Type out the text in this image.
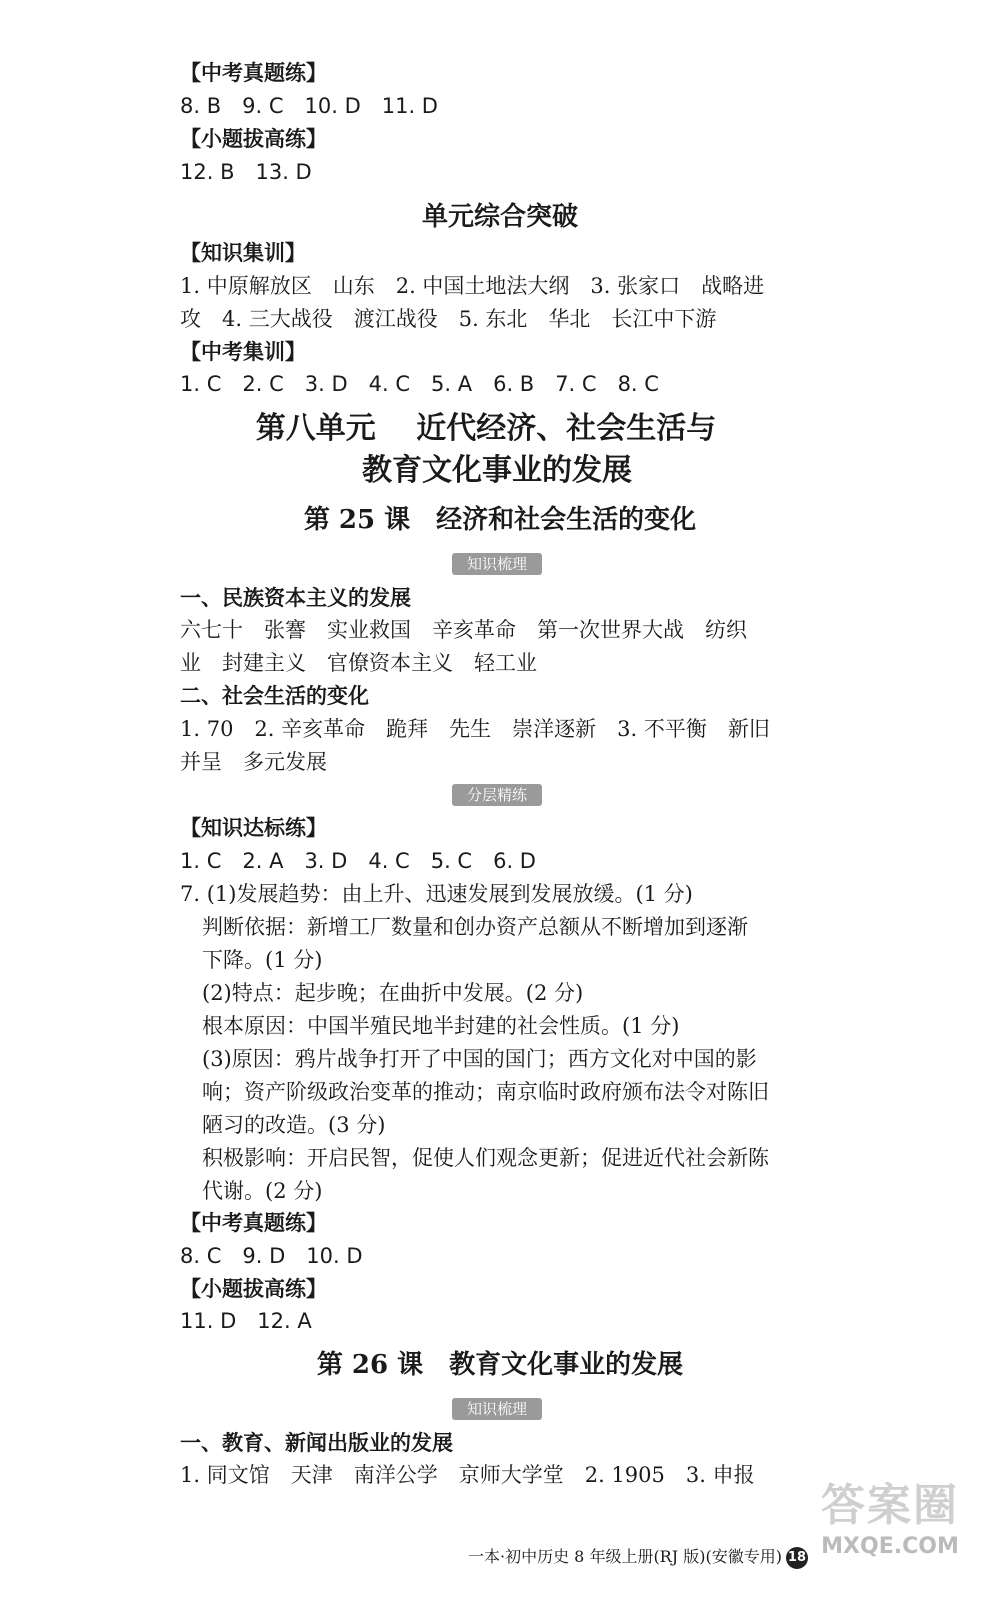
【中考真题练】
8. B　9. C　10. D　11. D
【小题拔高练】
12. B　13. D
单元综合突破
【知识集训】
1. 中原解放区　山东　2. 中国土地法大纲　3. 张家口　战略进
攻　4. 三大战役　渡江战役　5. 东北　华北　长江中下游
【中考集训】
1. C　2. C　3. D　4. C　5. A　6. B　7. C　8. C
第八单元　 近代经济、社会生活与
教育文化事业的发展
第 25 课　经济和社会生活的变化
知识梳理
一、民族资本主义的发展
六七十　张謇　实业救国　辛亥革命　第一次世界大战　纺织
业　封建主义　官僚资本主义　轻工业
二、社会生活的变化
1. 70　2. 辛亥革命　跪拜　先生　崇洋逐新　3. 不平衡　新旧
并呈　多元发展
分层精练
【知识达标练】
1. C　2. A　3. D　4. C　5. C　6. D
7. (1)发展趋势：由上升、迅速发展到发展放缓。(1 分)
判断依据：新增工厂数量和创办资产总额从不断增加到逐渐
下降。(1 分)
(2)特点：起步晚；在曲折中发展。(2 分)
根本原因：中国半殖民地半封建的社会性质。(1 分)
(3)原因：鸦片战争打开了中国的国门；西方文化对中国的影
响；资产阶级政治变革的推动；南京临时政府颁布法令对陈旧
陋习的改造。(3 分)
积极影响：开启民智，促使人们观念更新；促进近代社会新陈
代谢。(2 分)
【中考真题练】
8. C　9. D　10. D
【小题拔高练】
11. D　12. A
第 26 课　教育文化事业的发展
知识梳理
一、教育、新闻出版业的发展
1. 同文馆　天津　南洋公学　京师大学堂　2. 1905　3. 申报
一本·初中历史 8 年级上册(RJ 版)(安徽专用) 18
答案圈
MXQE.COM
